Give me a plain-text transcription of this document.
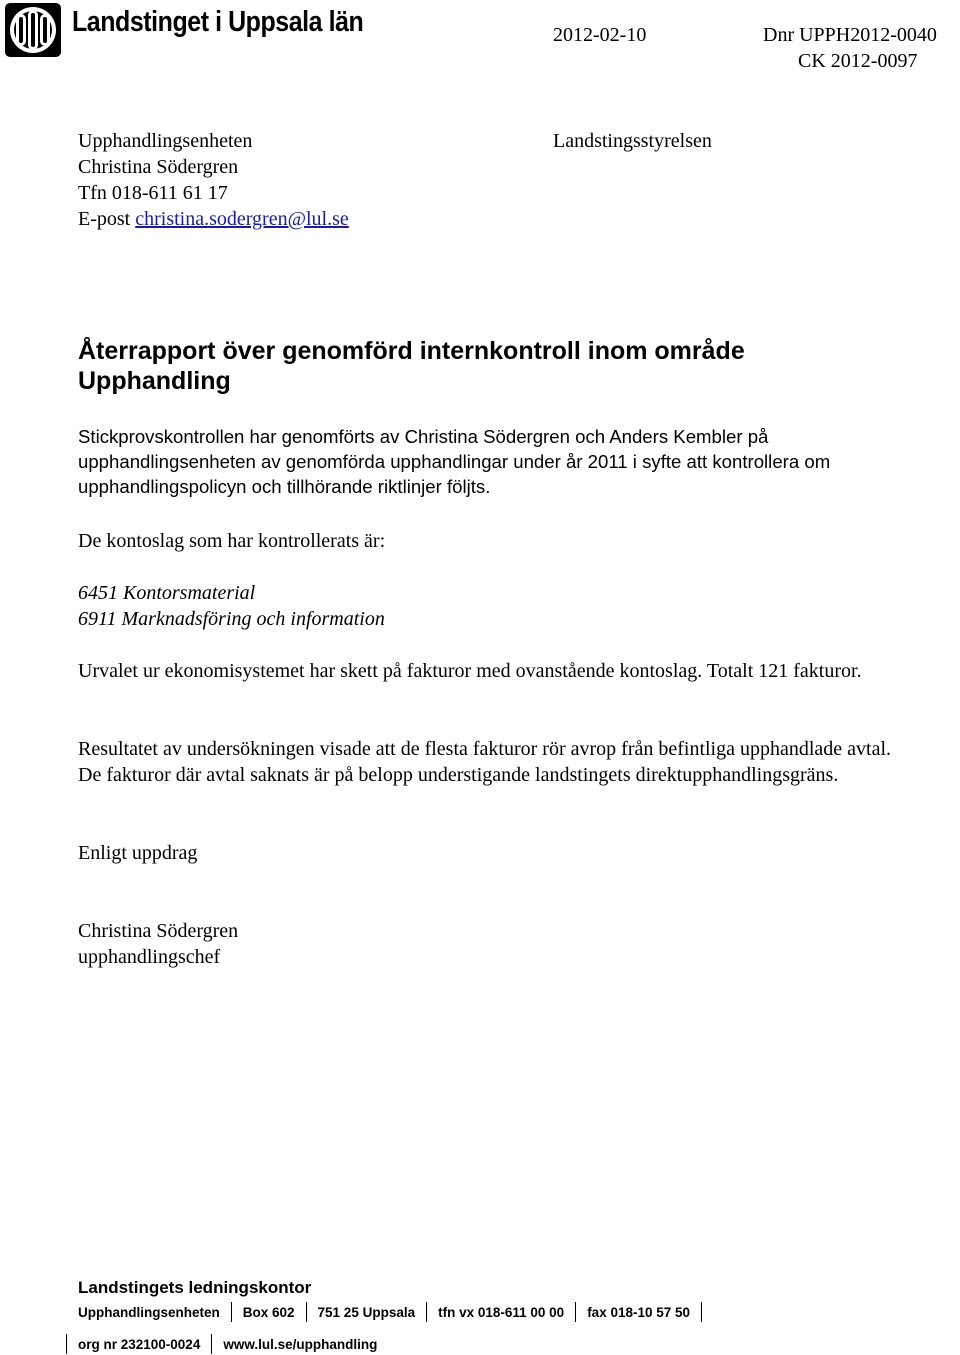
Landstinget i Uppsala län	2012-02-10	Dnr UPPH2012-0040
CK 2012-0097
Upphandlingsenheten
Christina Södergren
Tfn 018-611 61 17
E-post christina.sodergren@lul.se
Landstingsstyrelsen
Återrapport över genomförd internkontroll inom område
Upphandling
Stickprovskontrollen har genomförts av Christina Södergren och Anders Kembler på upphandlingsenheten av genomförda upphandlingar under år 2011 i syfte att kontrollera om upphandlingspolicyn och tillhörande riktlinjer följts.
De kontoslag som har kontrollerats är:
6451 Kontorsmaterial
6911 Marknadsföring och information
Urvalet ur ekonomisystemet har skett på fakturor med ovanstående kontoslag. Totalt 121 fakturor.
Resultatet av undersökningen visade att de flesta fakturor rör avrop från befintliga upphandlade avtal. De fakturor där avtal saknats är på belopp understigande landstingets direktupphandlingsgräns.
Enligt uppdrag
Christina Södergren
upphandlingschef
Landstingets ledningskontor
Upphandlingsenheten Box 602 751 25 Uppsala tfn vx 018-611 00 00 fax 018-10 57 50
org nr 232100-0024 www.lul.se/upphandling
